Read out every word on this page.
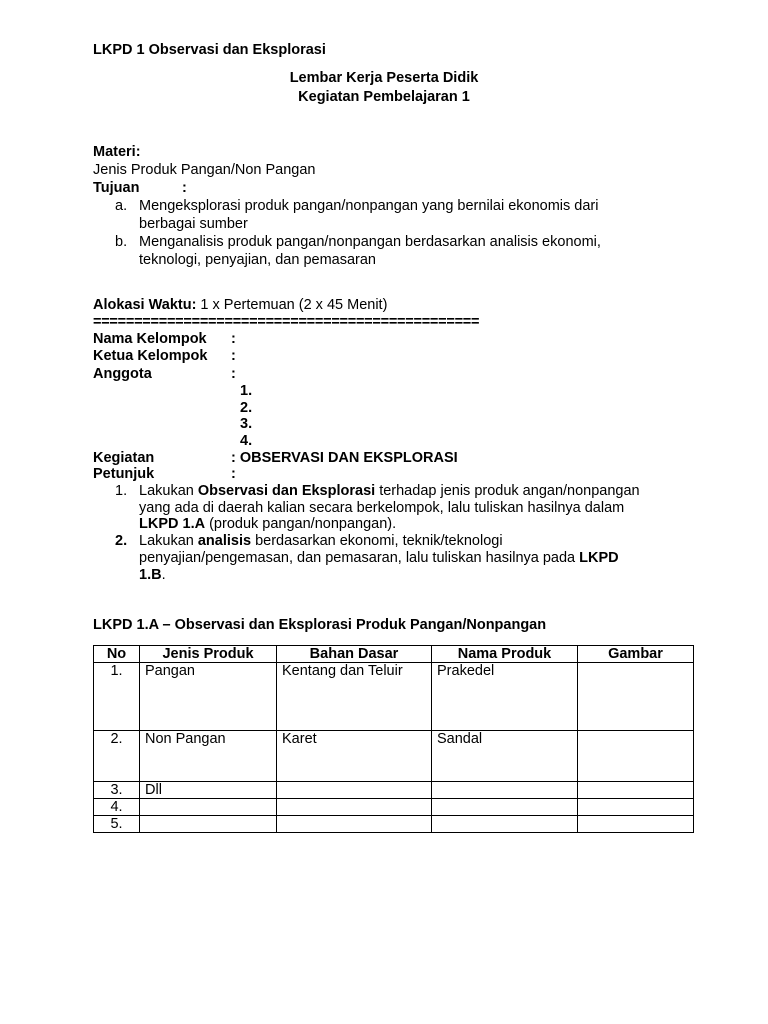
LKPD 1 Observasi dan Eksplorasi
Lembar Kerja Peserta Didik
Kegiatan Pembelajaran 1
Materi:
Jenis Produk Pangan/Non Pangan
Tujuan	:
a. Mengeksplorasi produk pangan/nonpangan yang bernilai ekonomis dari
berbagai sumber
b. Menganalisis produk pangan/nonpangan berdasarkan analisis ekonomi,
teknologi, penyajian, dan pemasaran
Alokasi Waktu: 1 x Pertemuan (2 x 45 Menit)
===============================================
Nama Kelompok :
Ketua Kelompok :
Anggota	:
1.
2.
3.
4.
Kegiatan	: OBSERVASI DAN EKSPLORASI
Petunjuk	:
1. Lakukan Observasi dan Eksplorasi terhadap jenis produk angan/nonpangan
yang ada di daerah kalian secara berkelompok, lalu tuliskan hasilnya dalam
LKPD 1.A (produk pangan/nonpangan).
2. Lakukan analisis berdasarkan ekonomi, teknik/teknologi
penyajian/pengemasan, dan pemasaran, lalu tuliskan hasilnya pada LKPD
1.B.
LKPD 1.A – Observasi dan Eksplorasi Produk Pangan/Nonpangan
No	Jenis Produk	Bahan Dasar	Nama Produk	Gambar
1.	Pangan	Kentang dan Teluir	Prakedel	
2.	Non Pangan	Karet	Sandal	
3.	Dll			
4.				
5.				
